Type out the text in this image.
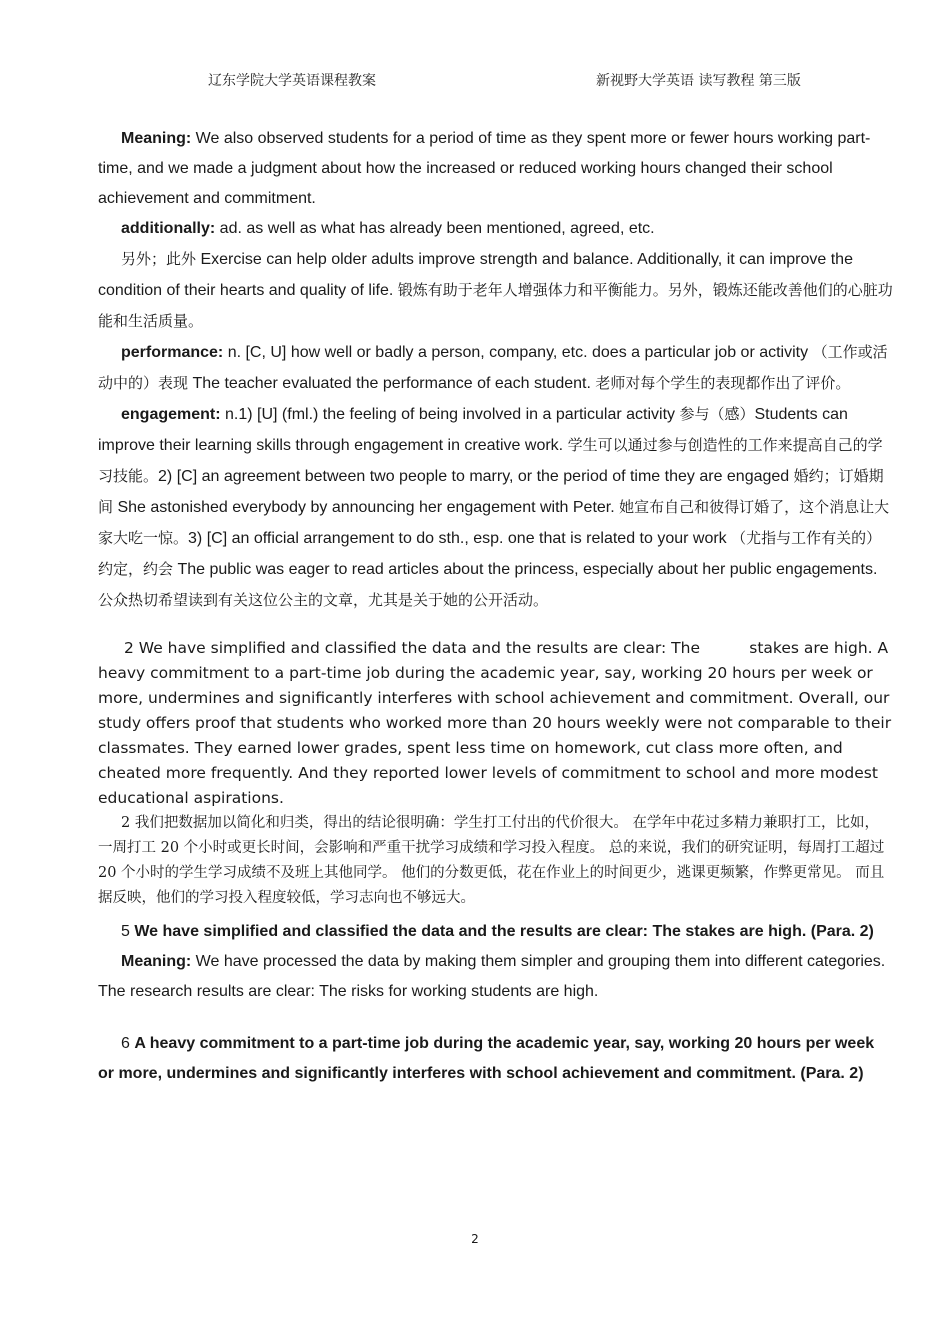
辽东学院大学英语课程教案	新视野大学英语 读写教程 第三版

Meaning: We also observed students for a period of time as they spent more or fewer hours working part-time, and we made a judgment about how the increased or reduced working hours changed their school achievement and commitment.

additionally: ad. as well as what has already been mentioned, agreed, etc.

另外；此外 Exercise can help older adults improve strength and balance. Additionally, it can improve the condition of their hearts and quality of life. 锻炼有助于老年人增强体力和平衡能力。另外，锻炼还能改善他们的心脏功能和生活质量。

performance: n. [C, U] how well or badly a person, company, etc. does a particular job or activity （工作或活动中的）表现 The teacher evaluated the performance of each student. 老师对每个学生的表现都作出了评价。

engagement: n.1) [U] (fml.) the feeling of being involved in a particular activity 参与（感）Students can improve their learning skills through engagement in creative work. 学生可以通过参与创造性的工作来提高自己的学习技能。2) [C] an agreement between two people to marry, or the period of time they are engaged 婚约；订婚期间 She astonished everybody by announcing her engagement with Peter. 她宣布自己和彼得订婚了，这个消息让大家大吃一惊。3) [C] an official arrangement to do sth., esp. one that is related to your work （尤指与工作有关的）约定，约会 The public was eager to read articles about the princess, especially about her public engagements. 公众热切希望读到有关这位公主的文章，尤其是关于她的公开活动。

2 We have simplified and classified the data and the results are clear: The          stakes are high. A heavy commitment to a part-time job during the academic year, say, working 20 hours per week or more, undermines and significantly interferes with school achievement and commitment. Overall, our study offers proof that students who worked more than 20 hours weekly were not comparable to their classmates. They earned lower grades, spent less time on homework, cut class more often, and cheated more frequently. And they reported lower levels of commitment to school and more modest educational aspirations.

2 我们把数据加以简化和归类，得出的结论很明确：学生打工付出的代价很大。 在学年中花过多精力兼职打工，比如，一周打工 20 个小时或更长时间，会影响和严重干扰学习成绩和学习投入程度。 总的来说，我们的研究证明，每周打工超过 20 个小时的学生学习成绩不及班上其他同学。 他们的分数更低，花在作业上的时间更少，逃课更频繁，作弊更常见。 而且据反映，他们的学习投入程度较低，学习志向也不够远大。

5 We have simplified and classified the data and the results are clear: The stakes are high. (Para. 2)

Meaning: We have processed the data by making them simpler and grouping them into different categories. The research results are clear: The risks for working students are high.

6 A heavy commitment to a part-time job during the academic year, say, working 20 hours per week or more, undermines and significantly interferes with school achievement and commitment. (Para. 2)

2
